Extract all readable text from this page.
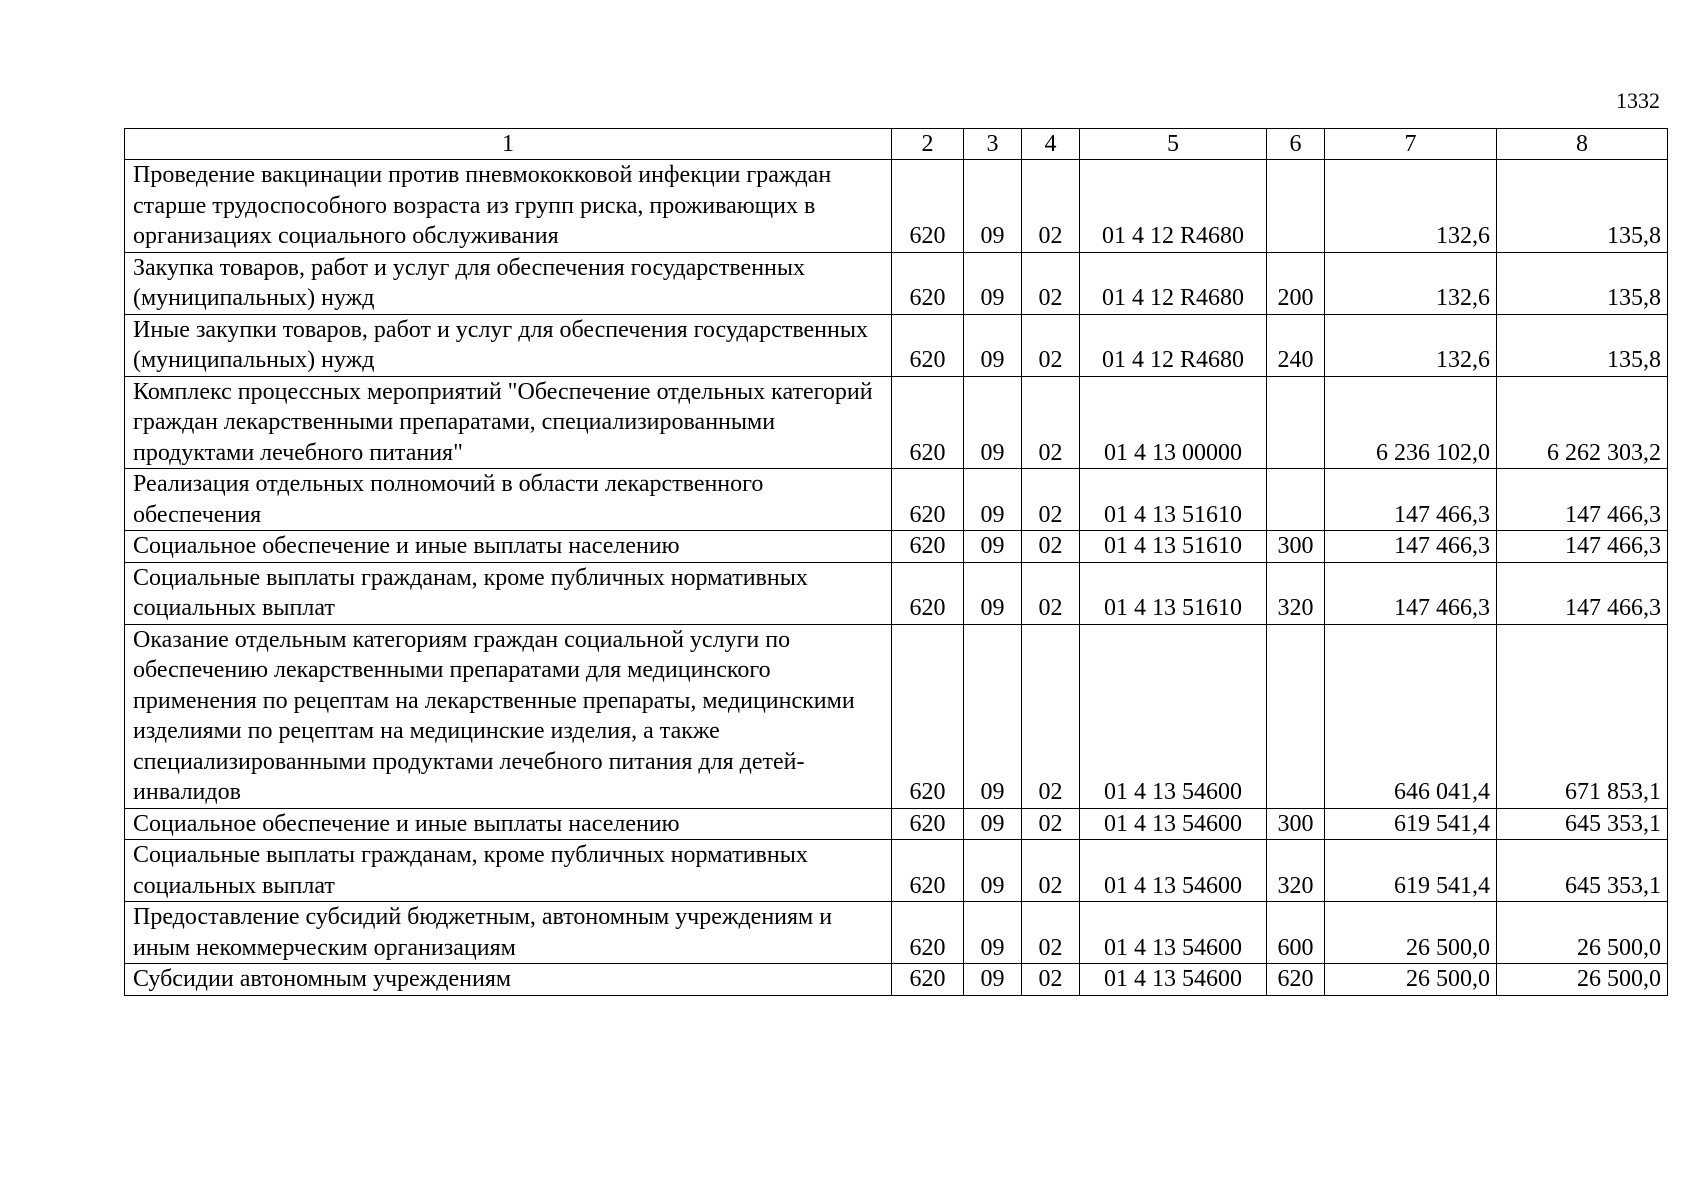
1332
1	2	3	4	5	6	7	8
Проведение вакцинации против пневмококковой инфекции граждан старше трудоспособного возраста из групп риска, проживающих в организациях социального обслуживания	620	09	02	01 4 12 R4680		132,6	135,8
Закупка товаров, работ и услуг для обеспечения государственных (муниципальных) нужд	620	09	02	01 4 12 R4680	200	132,6	135,8
Иные закупки товаров, работ и услуг для обеспечения государственных (муниципальных) нужд	620	09	02	01 4 12 R4680	240	132,6	135,8
Комплекс процессных мероприятий "Обеспечение отдельных категорий граждан лекарственными препаратами, специализированными продуктами лечебного питания"	620	09	02	01 4 13 00000		6 236 102,0	6 262 303,2
Реализация отдельных полномочий в области лекарственного обеспечения	620	09	02	01 4 13 51610		147 466,3	147 466,3
Социальное обеспечение и иные выплаты населению	620	09	02	01 4 13 51610	300	147 466,3	147 466,3
Социальные выплаты гражданам, кроме публичных нормативных социальных выплат	620	09	02	01 4 13 51610	320	147 466,3	147 466,3
Оказание отдельным категориям граждан социальной услуги по обеспечению лекарственными препаратами для медицинского применения по рецептам на лекарственные препараты, медицинскими изделиями по рецептам на медицинские изделия, а также специализированными продуктами лечебного питания для детей-инвалидов	620	09	02	01 4 13 54600		646 041,4	671 853,1
Социальное обеспечение и иные выплаты населению	620	09	02	01 4 13 54600	300	619 541,4	645 353,1
Социальные выплаты гражданам, кроме публичных нормативных социальных выплат	620	09	02	01 4 13 54600	320	619 541,4	645 353,1
Предоставление субсидий бюджетным, автономным учреждениям и иным некоммерческим организациям	620	09	02	01 4 13 54600	600	26 500,0	26 500,0
Субсидии автономным учреждениям	620	09	02	01 4 13 54600	620	26 500,0	26 500,0
